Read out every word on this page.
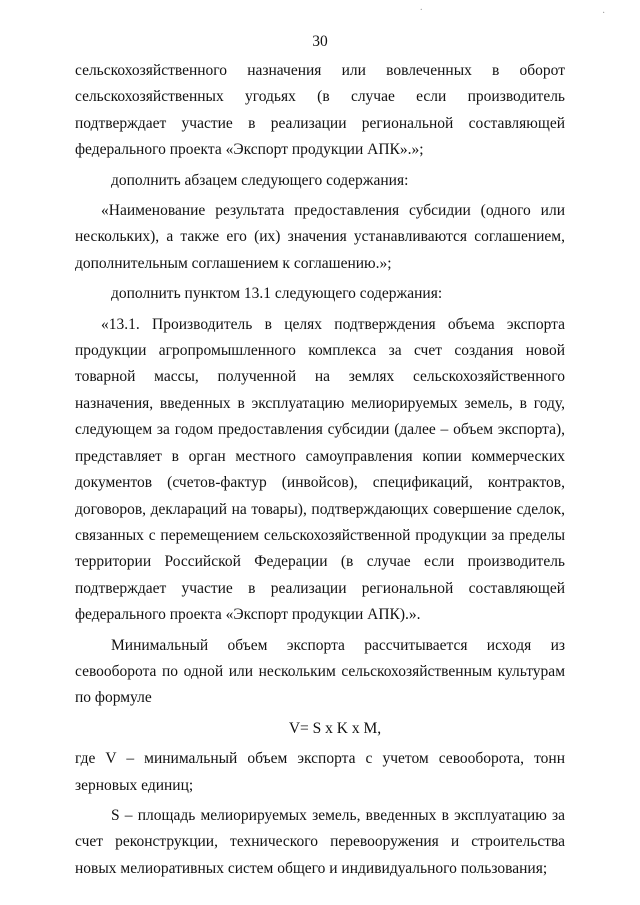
30

сельскохозяйственного назначения или вовлеченных в оборот сельскохозяйственных угодьях (в случае если производитель подтверждает участие в реализации региональной составляющей федерального проекта «Экспорт продукции АПК».»;

дополнить абзацем следующего содержания:

«Наименование результата предоставления субсидии (одного или нескольких), а также его (их) значения устанавливаются соглашением, дополнительным соглашением к соглашению.»;

дополнить пунктом 13.1 следующего содержания:

«13.1. Производитель в целях подтверждения объема экспорта продукции агропромышленного комплекса за счет создания новой товарной массы, полученной на землях сельскохозяйственного назначения, введенных в эксплуатацию мелиорируемых земель, в году, следующем за годом предоставления субсидии (далее – объем экспорта), представляет в орган местного самоуправления копии коммерческих документов (счетов-фактур (инвойсов), спецификаций, контрактов, договоров, деклараций на товары), подтверждающих совершение сделок, связанных с перемещением сельскохозяйственной продукции за пределы территории Российской Федерации (в случае если производитель подтверждает участие в реализации региональной составляющей федерального проекта «Экспорт продукции АПК).».

Минимальный объем экспорта рассчитывается исходя из севооборота по одной или нескольким сельскохозяйственным культурам по формуле

V= S x K x M,

где V – минимальный объем экспорта с учетом севооборота, тонн зерновых единиц;

S – площадь мелиорируемых земель, введенных в эксплуатацию за счет реконструкции, технического перевооружения и строительства новых мелиоративных систем общего и индивидуального пользования;

·
.
